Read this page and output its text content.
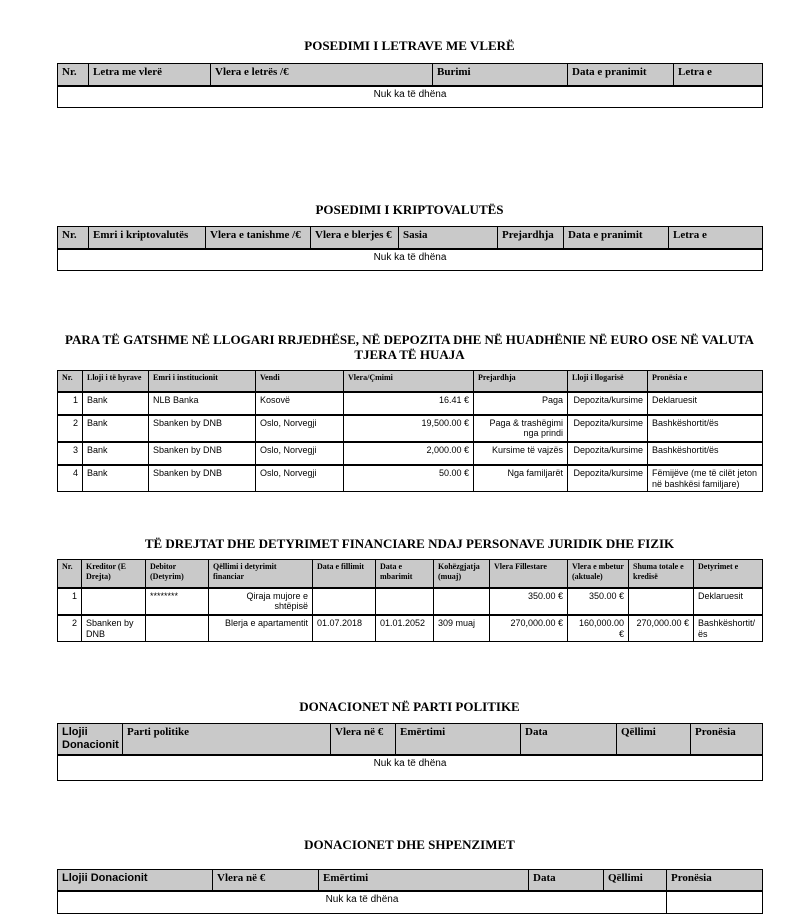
POSEDIMI I LETRAVE ME VLERË
Nr.	Letra me vlerë	Vlera e letrës /€	Burimi	Data e pranimit	Letra e
Nuk ka të dhëna
POSEDIMI I KRIPTOVALUTËS
Nr.	Emri i kriptovalutës	Vlera e tanishme /€	Vlera e blerjes €	Sasia	Prejardhja	Data e pranimit	Letra e
Nuk ka të dhëna
PARA TË GATSHME NË LLOGARI RRJEDHËSE, NË DEPOZITA DHE NË HUADHËNIE NË EURO OSE NË VALUTA TJERA TË HUAJA
Nr.	Lloji i të hyrave	Emri i institucionit	Vendi	Vlera/Çmimi	Prejardhja	Lloji i llogarisë	Pronësia e
1	Bank	NLB Banka	Kosovë	16.41 €	Paga	Depozita/kursime	Deklaruesit
2	Bank	Sbanken by DNB	Oslo, Norvegji	19,500.00 €	Paga & trashëgimi nga prindi	Depozita/kursime	Bashkëshortit/ës
3	Bank	Sbanken by DNB	Oslo, Norvegji	2,000.00 €	Kursime të vajzës	Depozita/kursime	Bashkëshortit/ës
4	Bank	Sbanken by DNB	Oslo, Norvegji	50.00 €	Nga familjarët	Depozita/kursime	Fëmijëve (me të cilët jeton në bashkësi familjare)
TË DREJTAT DHE DETYRIMET FINANCIARE NDAJ PERSONAVE JURIDIK DHE FIZIK
Nr.	Kreditor (E Drejta)	Debitor (Detyrim)	Qëllimi i detyrimit financiar	Data e fillimit	Data e mbarimit	Kohëzgjatja (muaj)	Vlera Fillestare	Vlera e mbetur (aktuale)	Shuma totale e kredisë	Detyrimet e
1		********	Qiraja mujore e shtëpisë				350.00 €	350.00 €		Deklaruesit
2	Sbanken by DNB		Blerja e apartamentit	01.07.2018	01.01.2052	309 muaj	270,000.00 €	160,000.00 €	270,000.00 €	Bashkëshortit/ës
DONACIONET NË PARTI POLITIKE
Llojii Donacionit	Parti politike	Vlera në €	Emërtimi	Data	Qëllimi	Pronësia
Nuk ka të dhëna
DONACIONET DHE SHPENZIMET
Llojii Donacionit	Vlera në €	Emërtimi	Data	Qëllimi	Pronësia
Nuk ka të dhëna					
